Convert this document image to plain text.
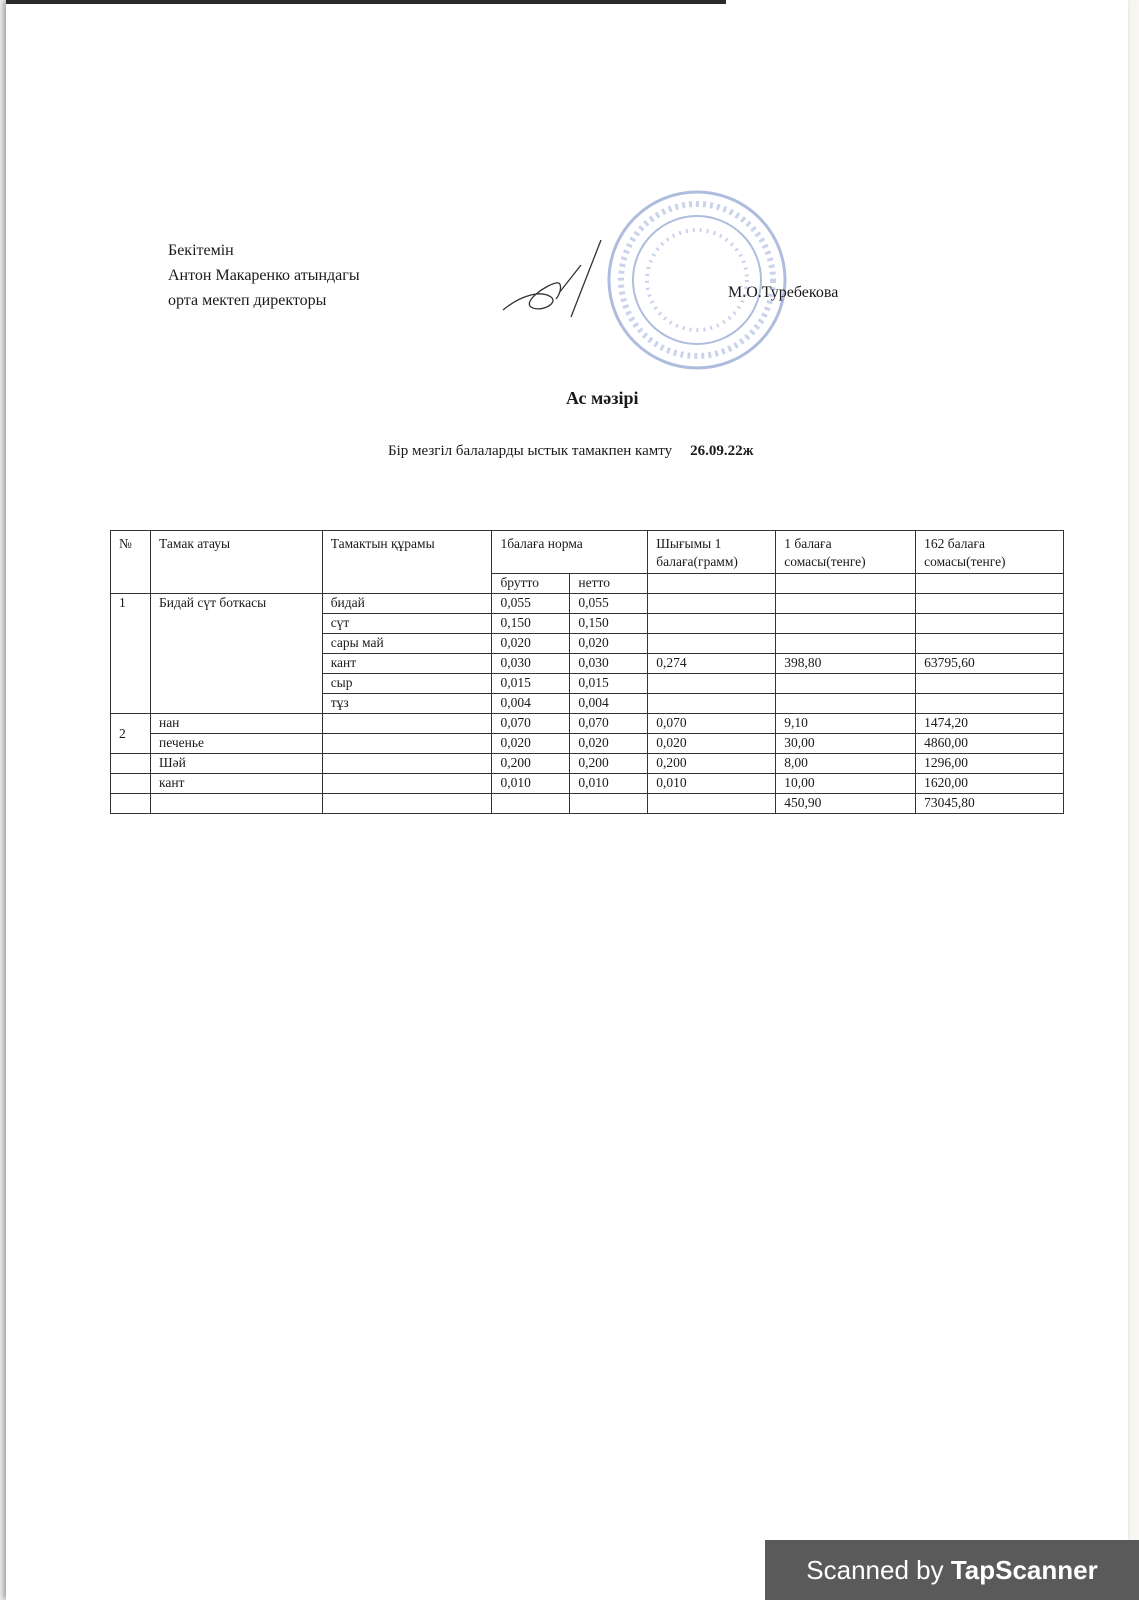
Бекітемін
Антон Макаренко атындагы
орта мектеп директоры	М.О.Туребекова
Ас мәзірі
Бір мезгіл балаларды ыстык тамакпен камту 26.09.22ж
№	Тамак атауы	Тамактын құрамы	1балаға норма		Шығымы 1 балаға(грамм)	1 балаға сомасы(тенге)	162 балаға сомасы(тенге)
			брутто	нетто			
1	Бидай сүт боткасы	бидай	0,055	0,055			
		сүт	0,150	0,150			
		сары май	0,020	0,020			
		кант	0,030	0,030	0,274	398,80	63795,60
		сыр	0,015	0,015			
		тұз	0,004	0,004			
2	нан		0,070	0,070	0,070	9,10	1474,20
	печенье		0,020	0,020	0,020	30,00	4860,00
	Шәй		0,200	0,200	0,200	8,00	1296,00
	кант		0,010	0,010	0,010	10,00	1620,00
						450,90	73045,80
Scanned by TapScanner
